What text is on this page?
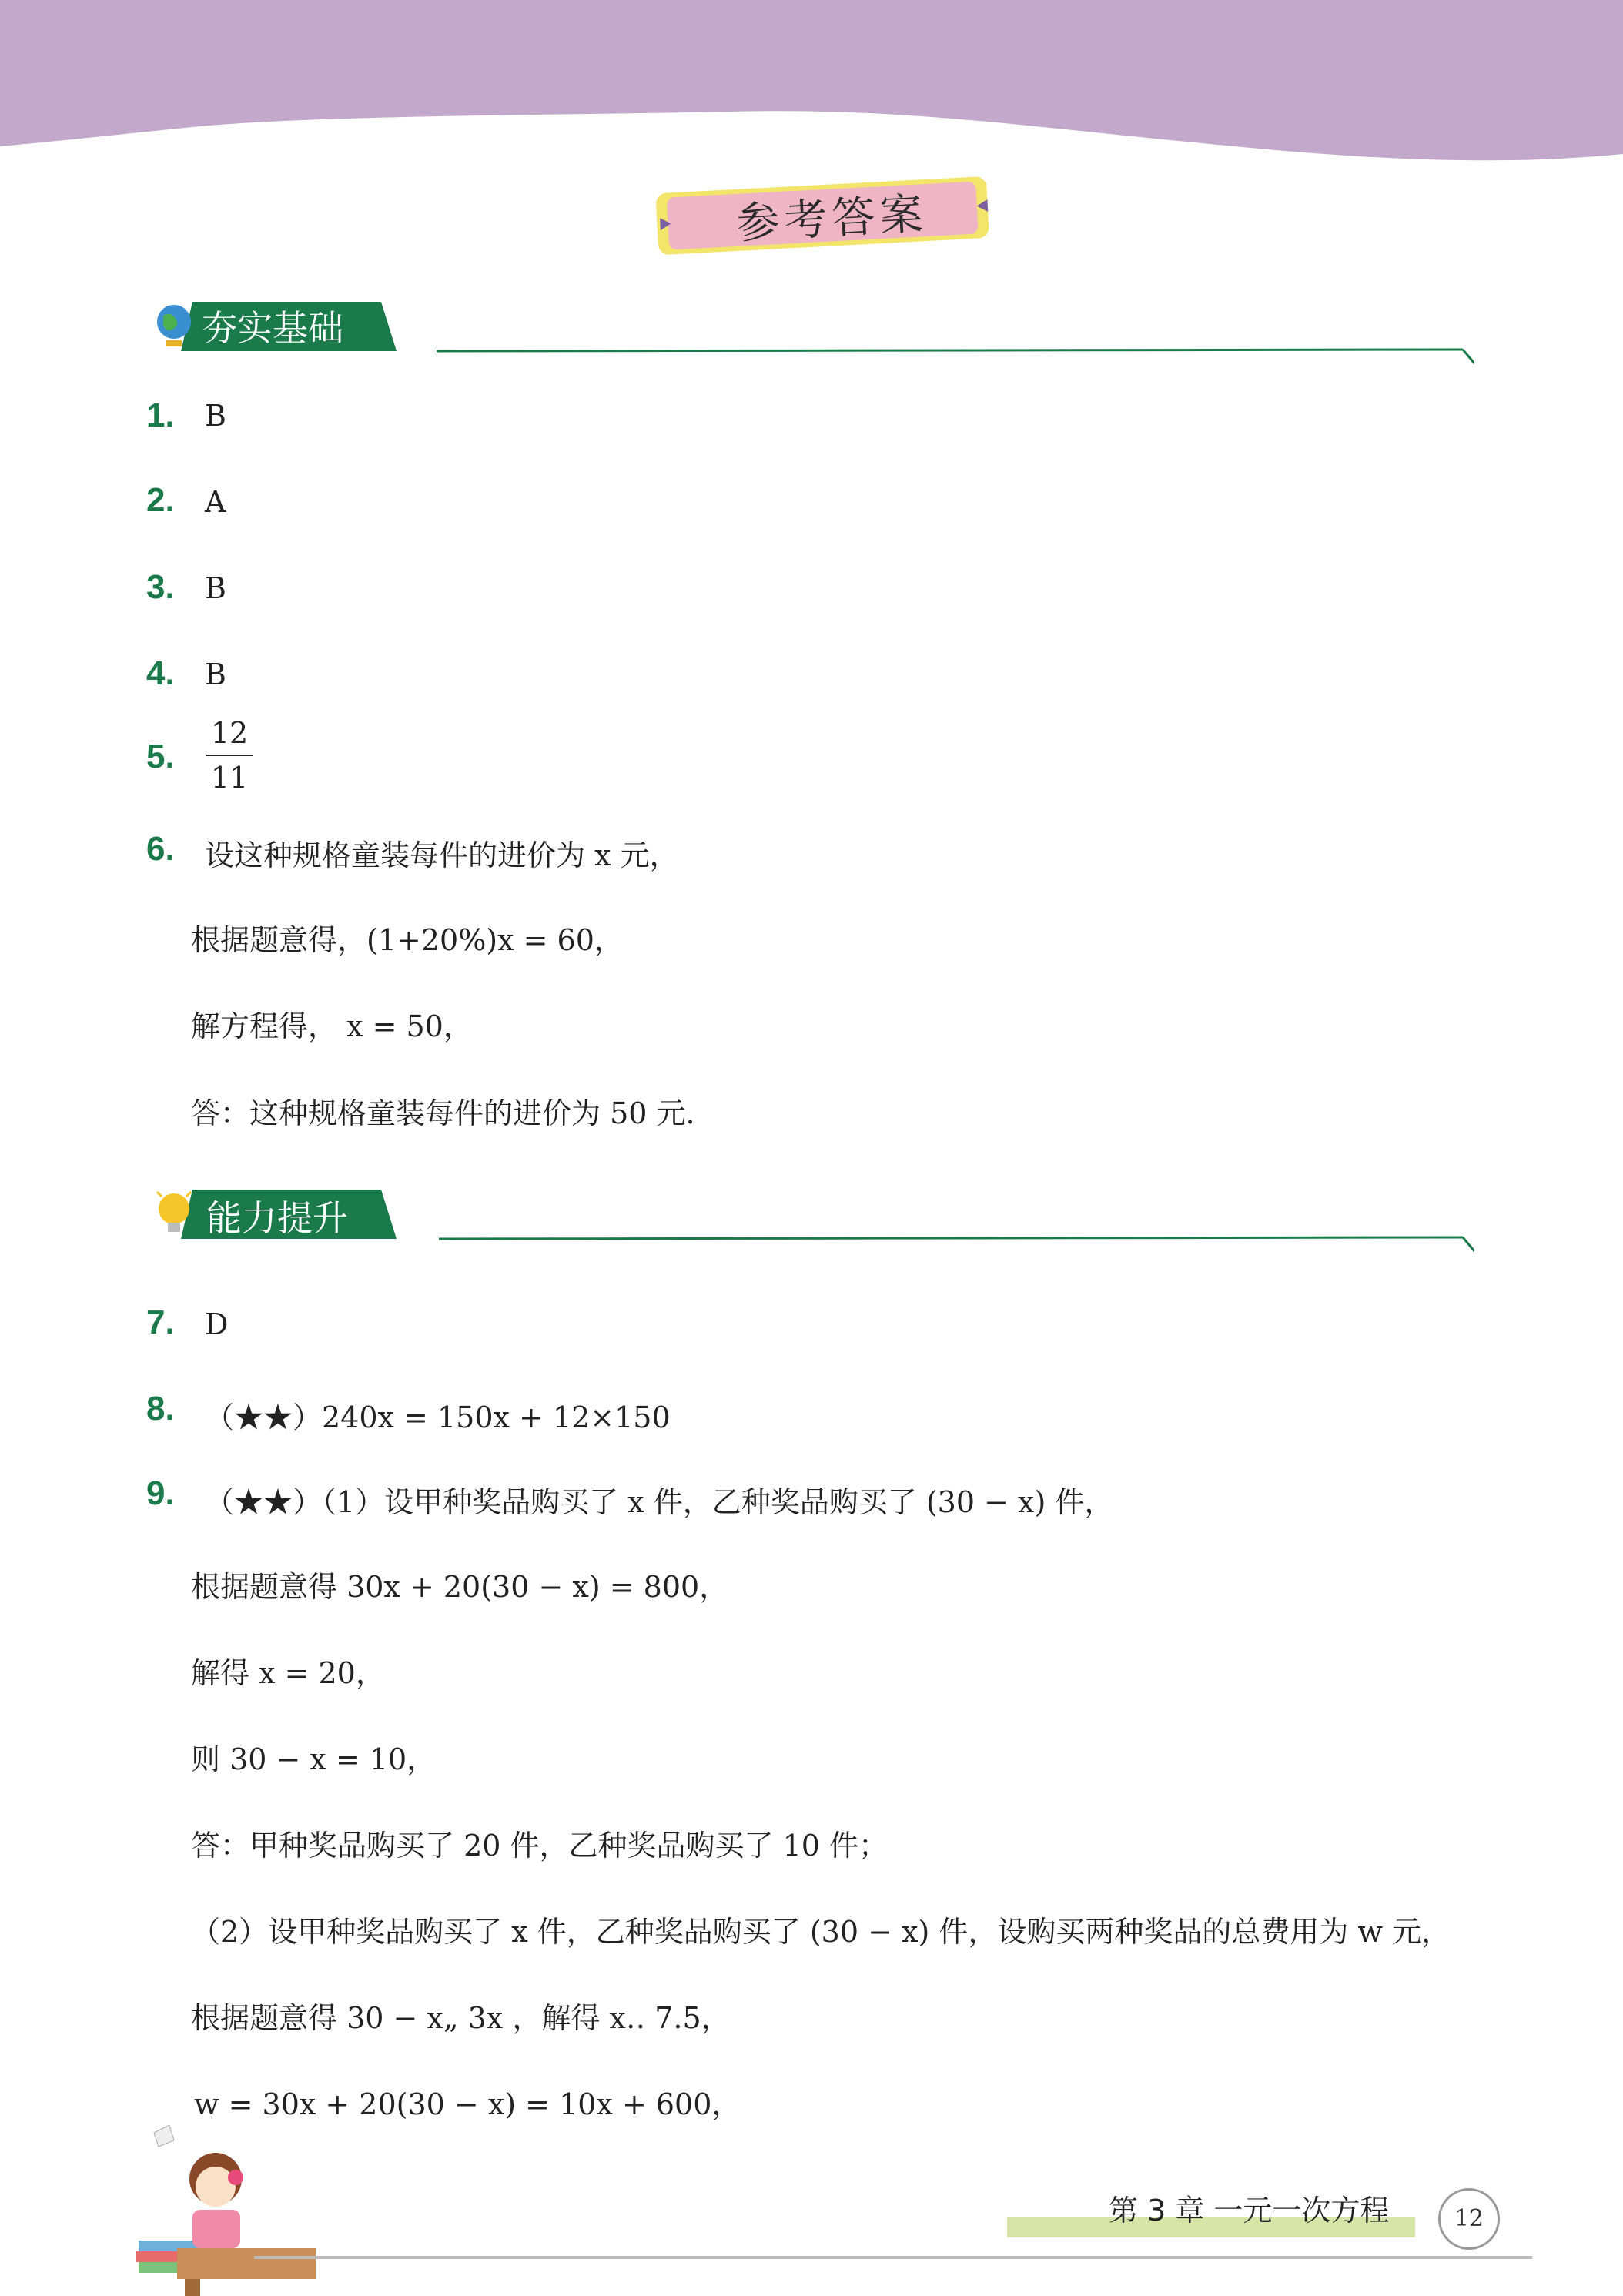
参考答案
夯实基础
1.	B
2.	A
3.	B
4.	B
5.
12
11
6.	设这种规格童装每件的进价为 x 元，
根据题意得，(1+20%)x = 60，
解方程得， x = 50，
答：这种规格童装每件的进价为 50 元.
能力提升
7.	D
8.	（★★）240x = 150x + 12×150
9.	（★★）（1）设甲种奖品购买了 x 件，乙种奖品购买了 (30 − x) 件，
根据题意得 30x + 20(30 − x) = 800，
解得 x = 20，
则 30 − x = 10，
答：甲种奖品购买了 20 件，乙种奖品购买了 10 件；
（2）设甲种奖品购买了 x 件，乙种奖品购买了 (30 − x) 件，设购买两种奖品的总费用为 w 元，
根据题意得 30 − x„ 3x ，解得 x‥ 7.5，
w = 30x + 20(30 − x) = 10x + 600，
第 3 章 一元一次方程	12
